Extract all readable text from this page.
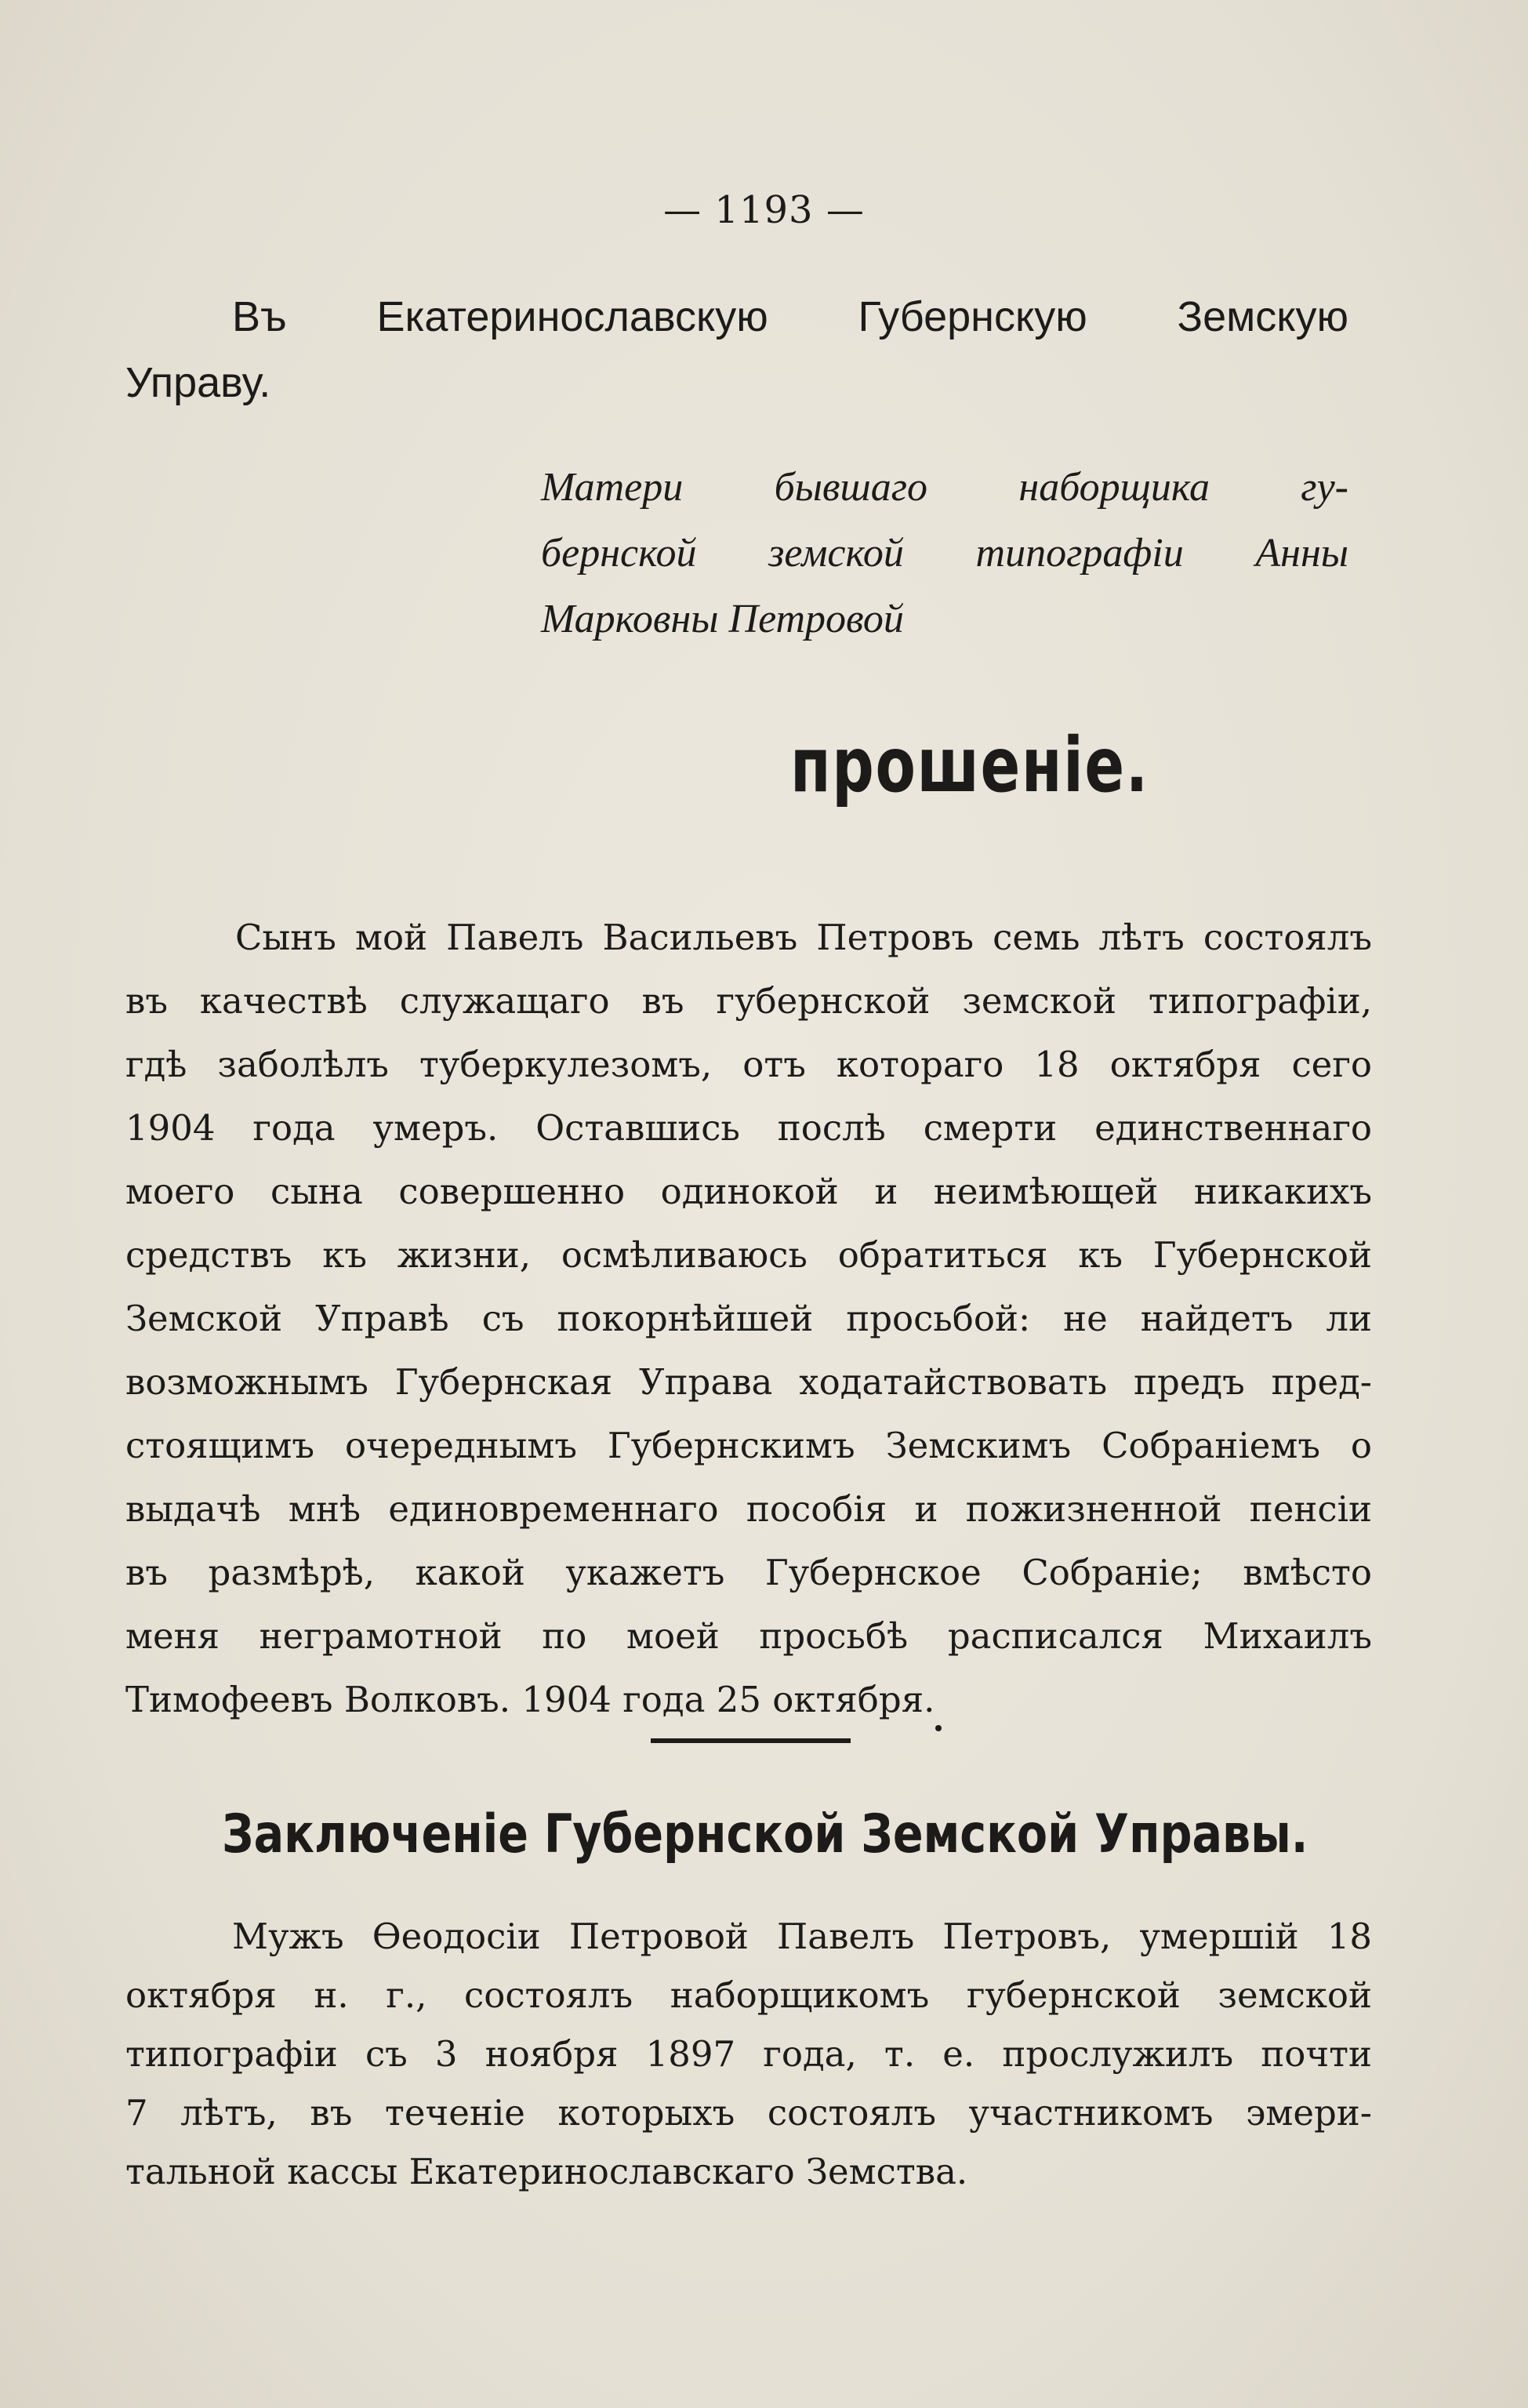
— 1193 —
Въ Екатеринославскую Губернскую Земскую
Управу.
Матери бывшаго наборщика гу-
бернской земской типографіи Анны
Марковны Петровой
прошеніе.
Сынъ мой Павелъ Васильевъ Петровъ семь лѣтъ состоялъ
въ качествѣ служащаго въ губернской земской типографіи,
гдѣ заболѣлъ туберкулезомъ, отъ котораго 18 октября сего
1904 года умеръ. Оставшись послѣ смерти единственнаго
моего сына совершенно одинокой и неимѣющей никакихъ
средствъ къ жизни, осмѣливаюсь обратиться къ Губернской
Земской Управѣ съ покорнѣйшей просьбой: не найдетъ ли
возможнымъ Губернская Управа ходатайствовать предъ пред-
стоящимъ очереднымъ Губернскимъ Земскимъ Собраніемъ о
выдачѣ мнѣ единовременнаго пособія и пожизненной пенсіи
въ размѣрѣ, какой укажетъ Губернское Собраніе; вмѣсто
меня неграмотной по моей просьбѣ расписался Михаилъ
Тимофеевъ Волковъ. 1904 года 25 октября.
Заключеніе Губернской Земской Управы.
Мужъ Ѳеодосіи Петровой Павелъ Петровъ, умершій 18
октября н. г., состоялъ наборщикомъ губернской земской
типографіи съ 3 ноября 1897 года, т. е. прослужилъ почти
7 лѣтъ, въ теченіе которыхъ состоялъ участникомъ эмери-
тальной кассы Екатеринославскаго Земства.
